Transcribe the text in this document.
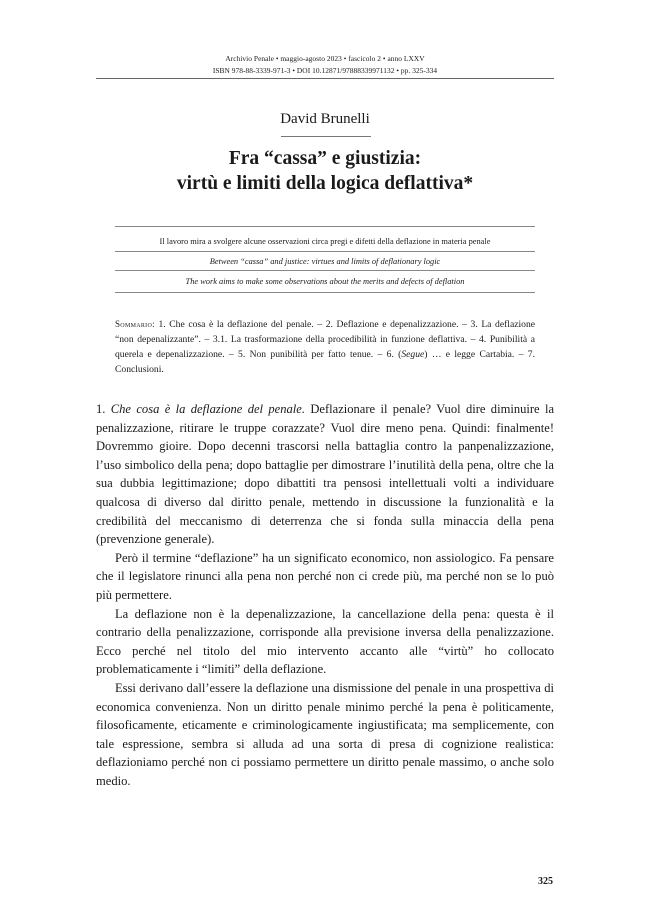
Archivio Penale • maggio-agosto 2023 • fascicolo 2 • anno LXXV
ISBN 978-88-3339-971-3 • DOI 10.12871/97888339971132 • pp. 325-334
David Brunelli
Fra “cassa” e giustizia:
virtù e limiti della logica deflattiva*
Il lavoro mira a svolgere alcune osservazioni circa pregi e difetti della deflazione in materia penale
Between “cassa” and justice: virtues and limits of deflationary logic
The work aims to make some observations about the merits and defects of deflation
Sommario: 1. Che cosa è la deflazione del penale. – 2. Deflazione e depenalizzazione. – 3. La deflazione “non depenalizzante”. – 3.1. La trasformazione della procedibilità in funzione deflattiva. – 4. Punibilità a querela e depenalizzazione. – 5. Non punibilità per fatto tenue. – 6. (Segue) … e legge Cartabia. – 7. Conclusioni.

1. Che cosa è la deflazione del penale. Deflazionare il penale? Vuol dire diminuire la penalizzazione, ritirare le truppe corazzate? Vuol dire meno pena. Quindi: finalmente! Dovremmo gioire. Dopo decenni trascorsi nella battaglia contro la panpenalizzazione, l’uso simbolico della pena; dopo battaglie per dimostrare l’inutilità della pena, oltre che la sua dubbia legittimazione; dopo dibattiti tra pensosi intellettuali volti a individuare qualcosa di diverso dal diritto penale, mettendo in discussione la funzionalità e la credibilità del meccanismo di deterrenza che si fonda sulla minaccia della pena (prevenzione generale).

Però il termine “deflazione” ha un significato economico, non assiologico. Fa pensare che il legislatore rinunci alla pena non perché non ci crede più, ma perché non se lo può più permettere.

La deflazione non è la depenalizzazione, la cancellazione della pena: questa è il contrario della penalizzazione, corrisponde alla previsione inversa della penalizzazione. Ecco perché nel titolo del mio intervento accanto alle “virtù” ho collocato problematicamente i “limiti” della deflazione.

Essi derivano dall’essere la deflazione una dismissione del penale in una prospettiva di economica convenienza. Non un diritto penale minimo perché la pena è politicamente, filosoficamente, eticamente e criminologicamente ingiustificata; ma semplicemente, con tale espressione, sembra si alluda ad una sorta di presa di cognizione realistica: deflazioniamo perché non ci possiamo permettere un diritto penale massimo, o anche solo medio.

325
